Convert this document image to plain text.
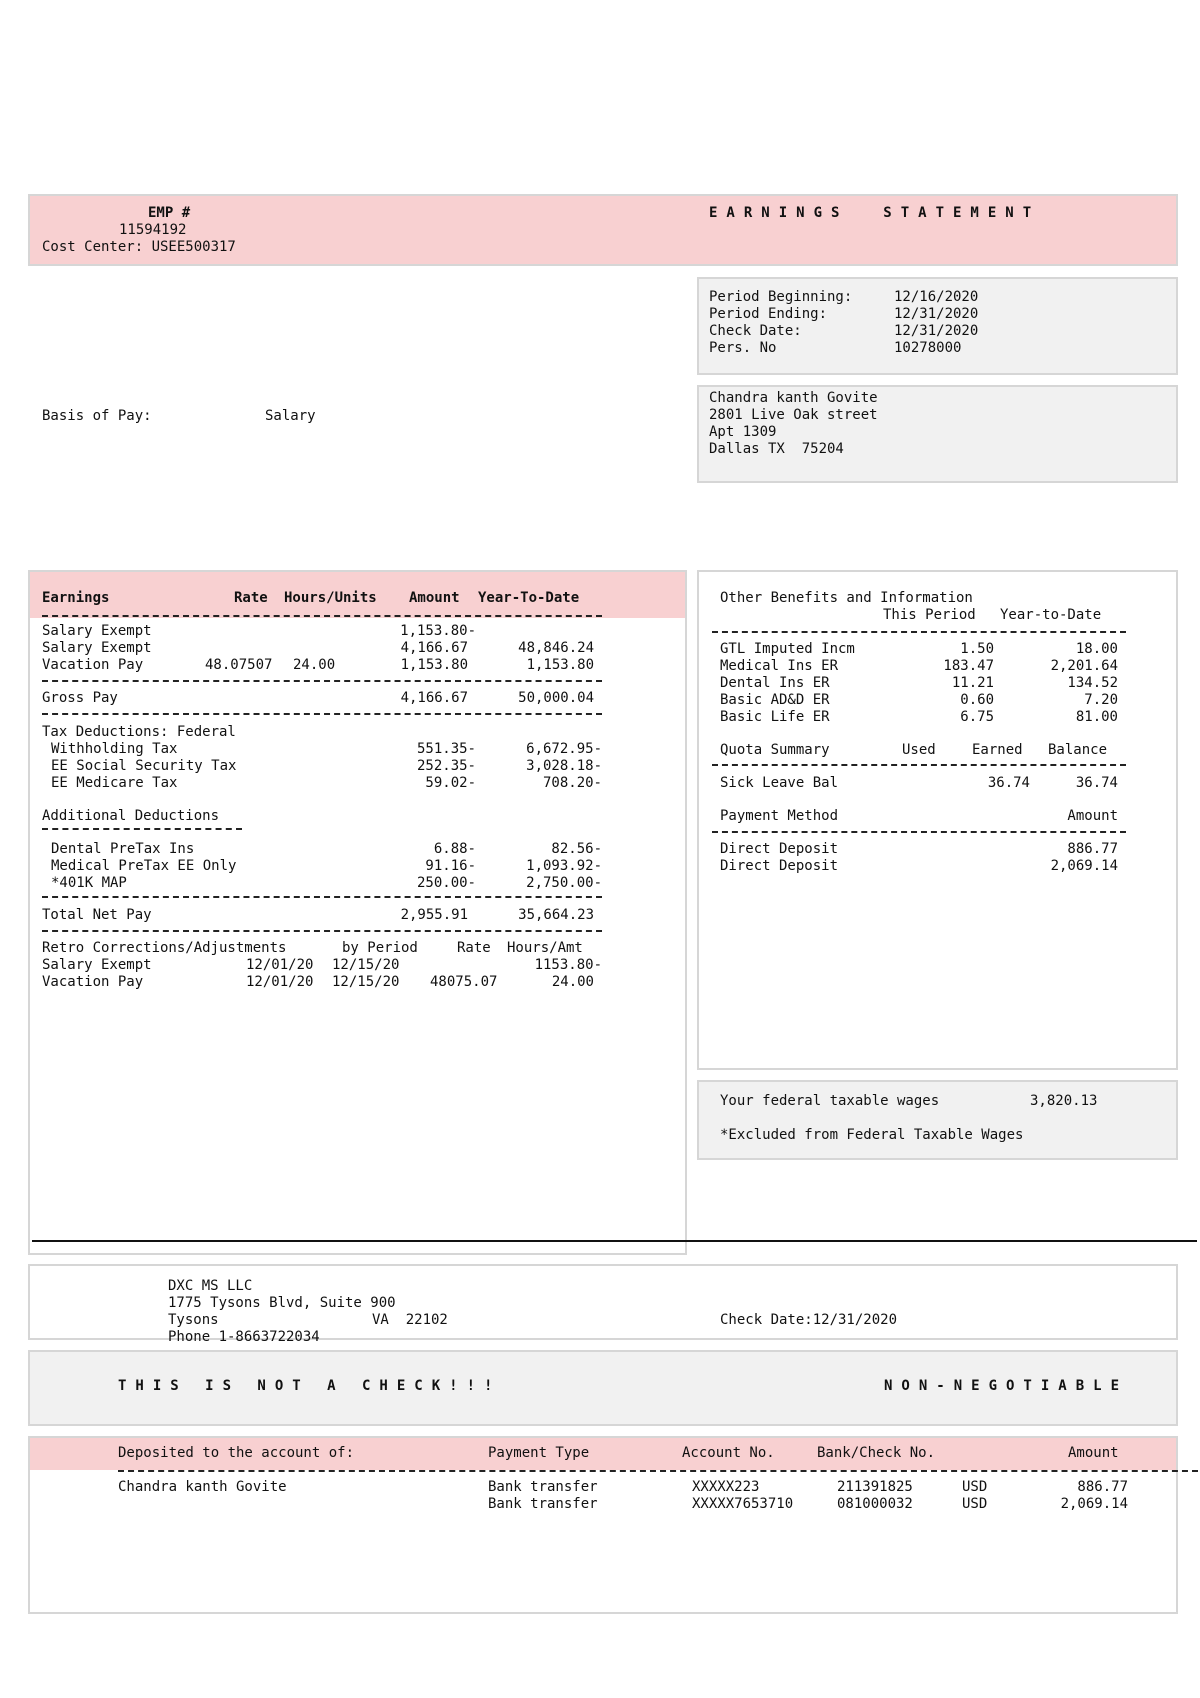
EMP #
11594192
Cost Center: USEE500317
EARNINGS  STATEMENT
Period Beginning:	12/16/2020
Period Ending:	12/31/2020
Check Date:	12/31/2020
Pers. No	10278000
Basis of Pay:	Salary
Chandra kanth Govite
2801 Live Oak street
Apt 1309
Dallas TX  75204
Earnings	Rate Hours/Units Amount Year-To-Date
Salary Exempt	1,153.80-
Salary Exempt	4,166.67	48,846.24
Vacation Pay	48.07507 24.00	1,153.80	1,153.80
Gross Pay	4,166.67	50,000.04
Tax Deductions: Federal
Withholding Tax	551.35-	6,672.95-
EE Social Security Tax	252.35-	3,028.18-
EE Medicare Tax	59.02-	708.20-
Additional Deductions
Dental PreTax Ins	6.88-	82.56-
Medical PreTax EE Only	91.16-	1,093.92-
*401K MAP	250.00-	2,750.00-
Total Net Pay	2,955.91	35,664.23
Retro Corrections/Adjustments	by Period	Rate Hours/Amt
Salary Exempt	12/01/20 12/15/20	1153.80-
Vacation Pay	12/01/20 12/15/20 48075.07	24.00
Other Benefits and Information
This Period Year-to-Date
GTL Imputed Incm	1.50	18.00
Medical Ins ER	183.47	2,201.64
Dental Ins ER	11.21	134.52
Basic AD&D ER	0.60	7.20
Basic Life ER	6.75	81.00
Quota Summary	Used	Earned Balance
Sick Leave Bal	36.74	36.74
Payment Method	Amount
Direct Deposit	886.77
Direct Deposit	2,069.14
Your federal taxable wages	3,820.13
*Excluded from Federal Taxable Wages
DXC MS LLC
1775 Tysons Blvd, Suite 900
Tysons	VA  22102
Phone 1-8663722034
Check Date:12/31/2020
THIS IS NOT A CHECK!!!	NON-NEGOTIABLE
Deposited to the account of:	Payment Type	Account No.	Bank/Check No.	Amount
Chandra kanth Govite	Bank transfer	XXXXX223	211391825	USD	886.77
Bank transfer	XXXXX7653710	081000032	USD	2,069.14
